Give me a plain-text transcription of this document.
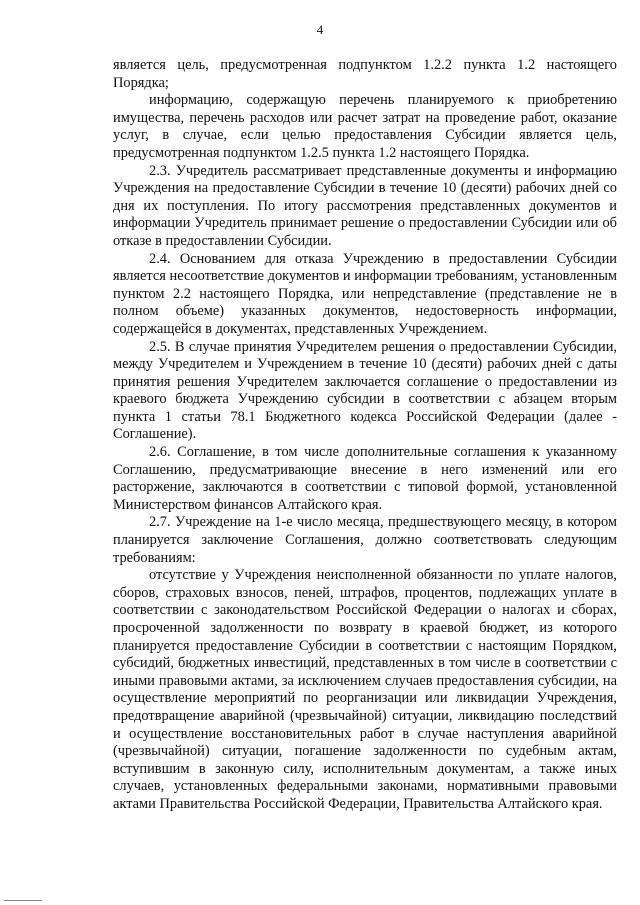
4

является цель, предусмотренная подпунктом 1.2.2 пункта 1.2 настоящего Порядка;

информацию, содержащую перечень планируемого к приобретению имущества, перечень расходов или расчет затрат на проведение работ, оказание услуг, в случае, если целью предоставления Субсидии является цель, предусмотренная подпунктом 1.2.5 пункта 1.2 настоящего Порядка.

2.3. Учредитель рассматривает представленные документы и информацию Учреждения на предоставление Субсидии в течение 10 (десяти) рабочих дней со дня их поступления. По итогу рассмотрения представленных документов и информации Учредитель принимает решение о предоставлении Субсидии или об отказе в предоставлении Субсидии.

2.4. Основанием для отказа Учреждению в предоставлении Субсидии является несоответствие документов и информации требованиям, установленным пунктом 2.2 настоящего Порядка, или непредставление (представление не в полном объеме) указанных документов, недостоверность информации, содержащейся в документах, представленных Учреждением.

2.5. В случае принятия Учредителем решения о предоставлении Субсидии, между Учредителем и Учреждением в течение 10 (десяти) рабочих дней с даты принятия решения Учредителем заключается соглашение о предоставлении из краевого бюджета Учреждению субсидии в соответствии с абзацем вторым пункта 1 статьи 78.1 Бюджетного кодекса Российской Федерации (далее - Соглашение).

2.6. Соглашение, в том числе дополнительные соглашения к указанному Соглашению, предусматривающие внесение в него изменений или его расторжение, заключаются в соответствии с типовой формой, установленной Министерством финансов Алтайского края.

2.7. Учреждение на 1-е число месяца, предшествующего месяцу, в котором планируется заключение Соглашения, должно соответствовать следующим требованиям:

отсутствие у Учреждения неисполненной обязанности по уплате налогов, сборов, страховых взносов, пеней, штрафов, процентов, подлежащих уплате в соответствии с законодательством Российской Федерации о налогах и сборах, просроченной задолженности по возврату в краевой бюджет, из которого планируется предоставление Субсидии в соответствии с настоящим Порядком, субсидий, бюджетных инвестиций, представленных в том числе в соответствии с иными правовыми актами, за исключением случаев предоставления субсидии, на осуществление мероприятий по реорганизации или ликвидации Учреждения, предотвращение аварийной (чрезвычайной) ситуации, ликвидацию последствий и осуществление восстановительных работ в случае наступления аварийной (чрезвычайной) ситуации, погашение задолженности по судебным актам, вступившим в законную силу, исполнительным документам, а также иных случаев, установленных федеральными законами, нормативными правовыми актами Правительства Российской Федерации, Правительства Алтайского края.
